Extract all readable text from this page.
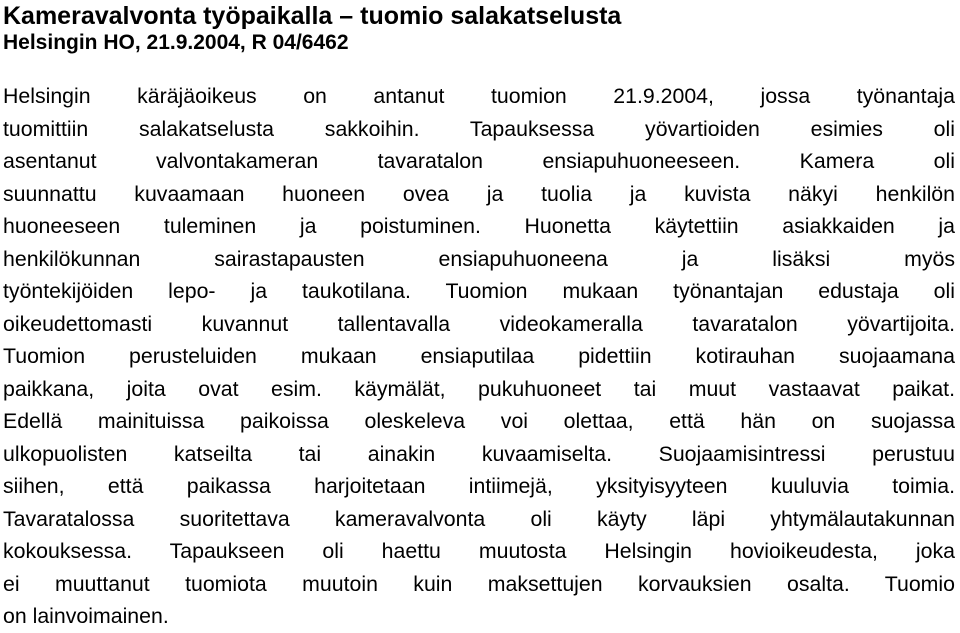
Kameravalvonta työpaikalla – tuomio salakatselusta
Helsingin HO, 21.9.2004, R 04/6462
Helsingin käräjäoikeus on antanut tuomion 21.9.2004, jossa työnantaja
tuomittiin salakatselusta sakkoihin. Tapauksessa yövartioiden esimies oli
asentanut valvontakameran tavaratalon ensiapuhuoneeseen. Kamera oli
suunnattu kuvaamaan huoneen ovea ja tuolia ja kuvista näkyi henkilön
huoneeseen tuleminen ja poistuminen. Huonetta käytettiin asiakkaiden ja
henkilökunnan sairastapausten ensiapuhuoneena ja lisäksi myös
työntekijöiden lepo- ja taukotilana. Tuomion mukaan työnantajan edustaja oli
oikeudettomasti kuvannut tallentavalla videokameralla tavaratalon yövartijoita.
Tuomion perusteluiden mukaan ensiaputilaa pidettiin kotirauhan suojaamana
paikkana, joita ovat esim. käymälät, pukuhuoneet tai muut vastaavat paikat.
Edellä mainituissa paikoissa oleskeleva voi olettaa, että hän on suojassa
ulkopuolisten katseilta tai ainakin kuvaamiselta. Suojaamisintressi perustuu
siihen, että paikassa harjoitetaan intiimejä, yksityisyyteen kuuluvia toimia.
Tavaratalossa suoritettava kameravalvonta oli käyty läpi yhtymälautakunnan
kokouksessa. Tapaukseen oli haettu muutosta Helsingin hovioikeudesta, joka
ei muuttanut tuomiota muutoin kuin maksettujen korvauksien osalta. Tuomio
on lainvoimainen.
